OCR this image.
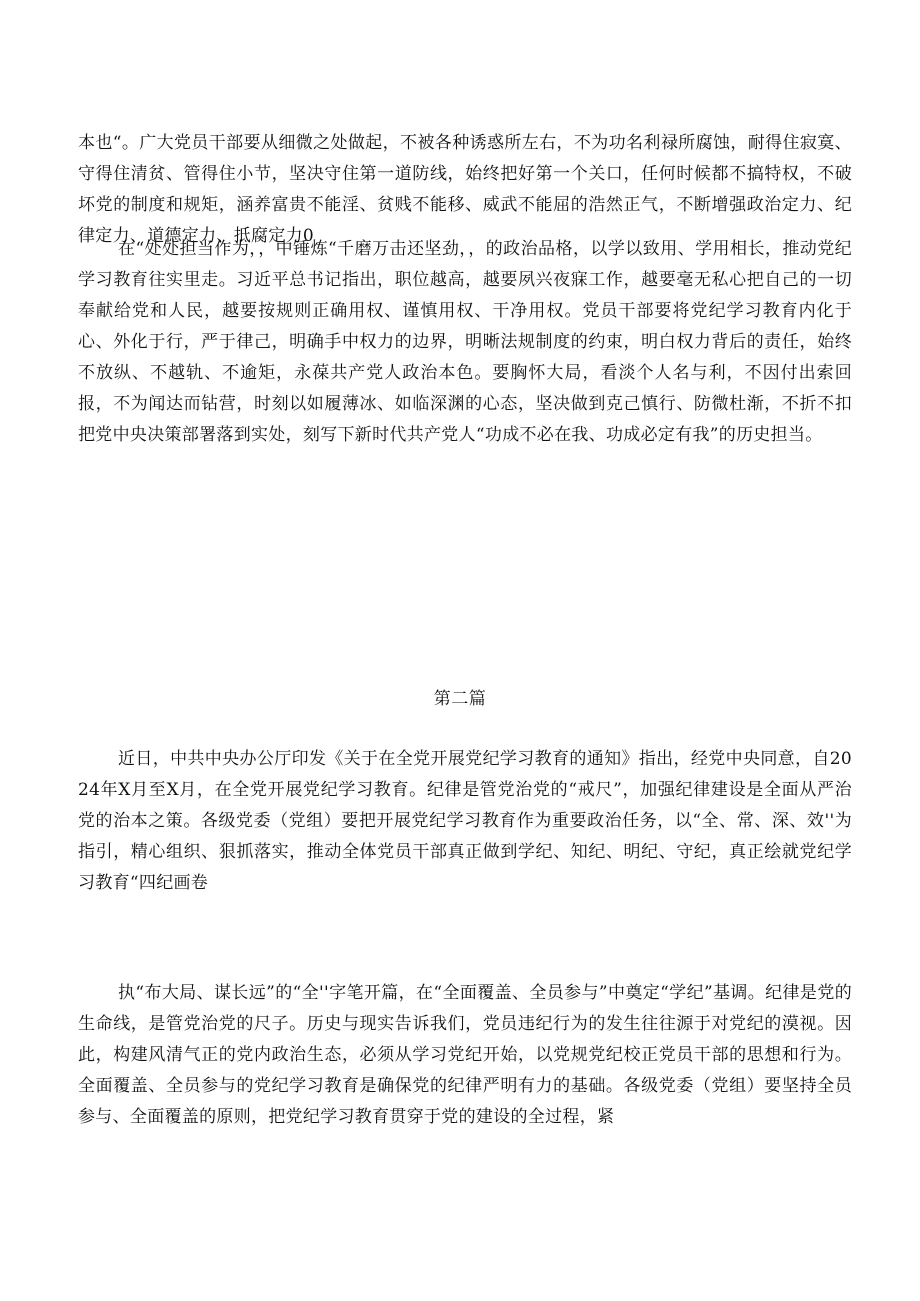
本也“。广大党员干部要从细微之处做起，不被各种诱惑所左右，不为功名利禄所腐蚀，耐得住寂寞、守得住清贫、管得住小节，坚决守住第一道防线，始终把好第一个关口，任何时候都不搞特权，不破坏党的制度和规矩，涵养富贵不能淫、贫贱不能移、威武不能屈的浩然正气，不断增强政治定力、纪律定力、道德定力、抵腐定力0

在“处处担当作为，，中锤炼“千磨万击还坚劲，，的政治品格，以学以致用、学用相长，推动党纪学习教育往实里走。习近平总书记指出，职位越高，越要夙兴夜寐工作，越要毫无私心把自己的一切奉献给党和人民，越要按规则正确用权、谨慎用权、干净用权。党员干部要将党纪学习教育内化于心、外化于行，严于律己，明确手中权力的边界，明晰法规制度的约束，明白权力背后的责任，始终不放纵、不越轨、不逾矩，永葆共产党人政治本色。要胸怀大局，看淡个人名与利，不因付出索回报，不为闻达而钻营，时刻以如履薄冰、如临深渊的心态，坚决做到克己慎行、防微杜渐，不折不扣把党中央决策部署落到实处，刻写下新时代共产党人“功成不必在我、功成必定有我”的历史担当。

第二篇

近日，中共中央办公厅印发《关于在全党开展党纪学习教育的通知》指出，经党中央同意，自2024年X月至X月，在全党开展党纪学习教育。纪律是管党治党的“戒尺”，加强纪律建设是全面从严治党的治本之策。各级党委（党组）要把开展党纪学习教育作为重要政治任务，以“全、常、深、效''为指引，精心组织、狠抓落实，推动全体党员干部真正做到学纪、知纪、明纪、守纪，真正绘就党纪学习教育“四纪画卷

执“布大局、谋长远”的“全''字笔开篇，在“全面覆盖、全员参与”中奠定“学纪”基调。纪律是党的生命线，是管党治党的尺子。历史与现实告诉我们，党员违纪行为的发生往往源于对党纪的漠视。因此，构建风清气正的党内政治生态，必须从学习党纪开始，以党规党纪校正党员干部的思想和行为。全面覆盖、全员参与的党纪学习教育是确保党的纪律严明有力的基础。各级党委（党组）要坚持全员参与、全面覆盖的原则，把党纪学习教育贯穿于党的建设的全过程，紧
